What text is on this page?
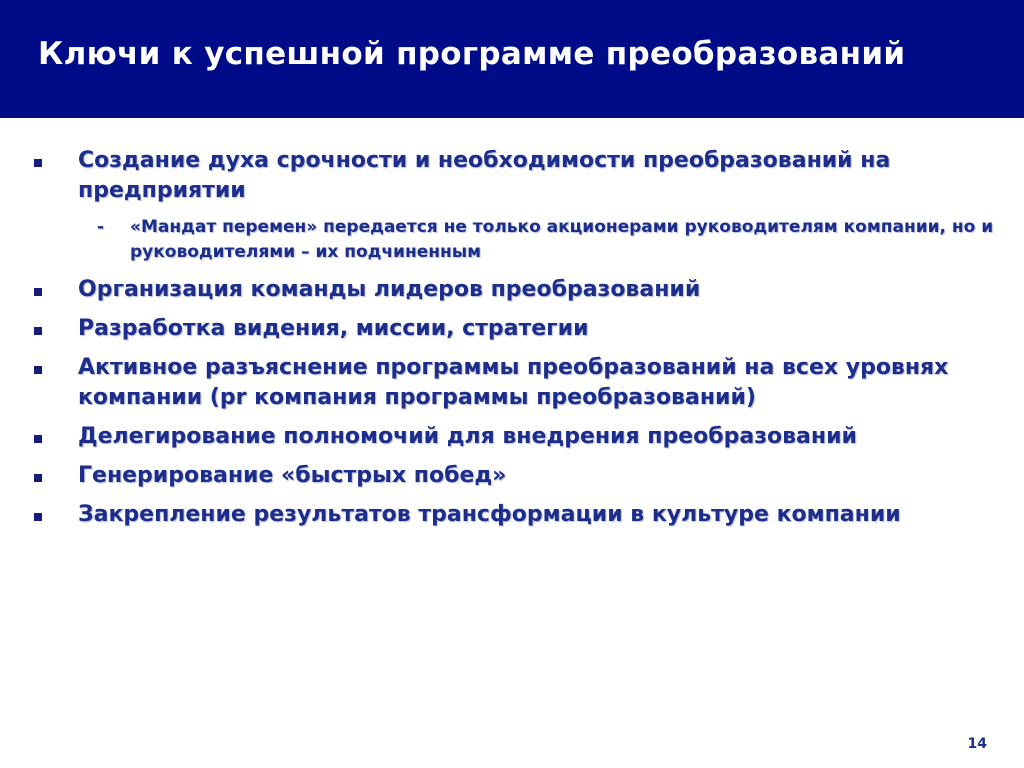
Ключи к успешной программе преобразований
Создание духа срочности и необходимости преобразований на предприятии
- «Мандат перемен» передается не только акционерами руководителям компании, но и руководителями – их подчиненным
Организация команды лидеров преобразований
Разработка видения, миссии, стратегии
Активное разъяснение программы преобразований на всех уровнях компании (pr компания программы преобразований)
Делегирование полномочий для внедрения преобразований
Генерирование «быстрых побед»
Закрепление результатов трансформации в культуре компании
14
